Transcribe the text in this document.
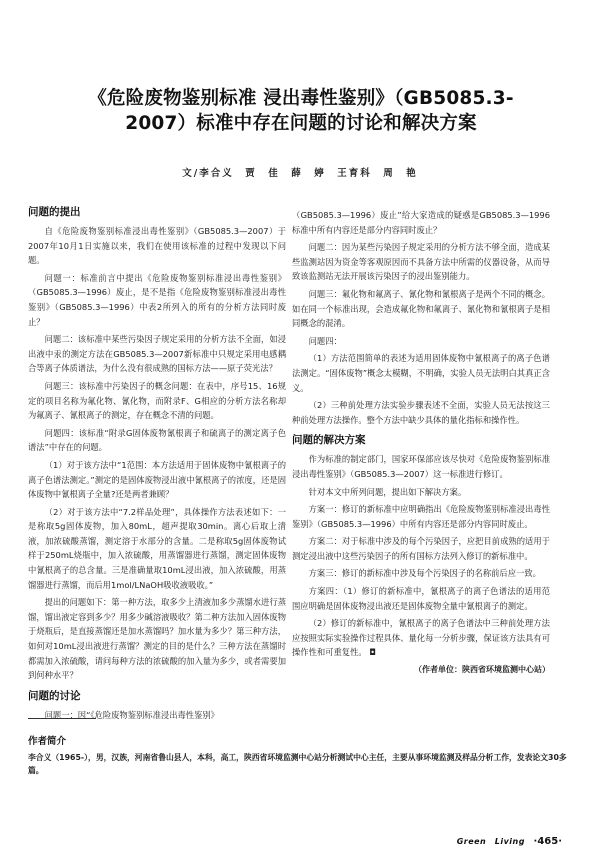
《危险废物鉴别标准 浸出毒性鉴别》（GB5085.3-
2007）标准中存在问题的讨论和解决方案
文/李合义　贾　佳　薛　婷　王育科　周　艳
问题的提出

自《危险废物鉴别标准浸出毒性鉴别》（GB5085.3—2007）于2007年10月1日实施以来，我们在使用该标准的过程中发现以下问题。

问题一：标准前言中提出《危险废物鉴别标准浸出毒性鉴别》（GB5085.3—1996）废止，是不是指《危险废物鉴别标准浸出毒性鉴别》（GB5085.3—1996）中表2所列入的所有的分析方法同时废止？

问题二：该标准中某些污染因子规定采用的分析方法不全面，如浸出液中汞的测定方法在GB5085.3—2007新标准中只规定采用电感耦合等离子体质谱法，为什么没有很成熟的国标方法——原子荧光法？

问题三：该标准中污染因子的概念问题：在表中，序号15、16规定的项目名称为氟化物、氰化物，而附录F、G相应的分析方法名称却为氟离子、氰根离子的测定，存在概念不清的问题。

问题四：该标准“附录G固体废物氰根离子和硫离子的测定离子色谱法”中存在的问题。

（1）对于该方法中“1范围：本方法适用于固体废物中氰根离子的离子色谱法测定。”测定的是固体废物浸出液中氰根离子的浓度，还是固体废物中氰根离子全量?还是两者兼顾？

（2）对于该方法中“7.2样品处理”，具体操作方法表述如下：一是称取5g固体废物，加入80mL，超声提取30min。离心后取上清液，加浓硫酸蒸馏，测定溶于水部分的含量。二是称取5g固体废物试样于250mL烧瓶中，加入浓硫酸，用蒸馏器进行蒸馏，测定固体废物中氰根离子的总含量。三是准确量取10mL浸出液，加入浓硫酸，用蒸馏器进行蒸馏，而后用1mol/LNaOH吸收液吸收。”

提出的问题如下：第一种方法，取多少上清液加多少蒸馏水进行蒸馏，馏出液定容到多少？用多少碱溶液吸收？第二种方法加入固体废物于烧瓶后，是直接蒸馏还是加水蒸馏吗？加水量为多少？第三种方法，如何对10mL浸出液进行蒸馏？测定的目的是什么？三种方法在蒸馏时都需加入浓硫酸，请问每种方法的浓硫酸的加入量为多少，或者需要加到何种水平？

问题的讨论

问题一：因“《危险废物鉴别标准浸出毒性鉴别》

（GB5085.3—1996）废止”给大家造成的疑惑是GB5085.3—1996标准中所有内容还是部分内容同时废止？

问题二：因为某些污染因子规定采用的分析方法不够全面，造成某些监测站因为资金等客观原因而不具备方法中所需的仪器设备，从而导致该监测站无法开展该污染因子的浸出鉴别能力。

问题三：氟化物和氟离子、氰化物和氰根离子是两个不同的概念。如在同一个标准出现，会造成氟化物和氟离子、氰化物和氰根离子是相同概念的混淆。

问题四：

（1）方法范围简单的表述为适用固体废物中氰根离子的离子色谱法测定。“固体废物”概念太模糊，不明确，实验人员无法明白其真正含义。

（2）三种前处理方法实验步骤表述不全面，实验人员无法按这三种前处理方法操作。整个方法中缺少具体的量化指标和操作性。

问题的解决方案

作为标准的制定部门，国家环保部应该尽快对《危险废物鉴别标准浸出毒性鉴别》（GB5085.3—2007）这一标准进行修订。

针对本文中所列问题，提出如下解决方案。

方案一：修订的新标准中应明确指出《危险废物鉴别标准浸出毒性鉴别》（GB5085.3—1996）中所有内容还是部分内容同时废止。

方案二：对于标准中涉及的每个污染因子，应把目前成熟的适用于测定浸出液中这些污染因子的所有国标方法列入修订的新标准中。

方案三：修订的新标准中涉及每个污染因子的名称前后应一致。

方案四：（1）修订的新标准中，氰根离子的离子色谱法的适用范围应明确是固体废物浸出液还是固体废物全量中氰根离子的测定。

（2）修订的新标准中，氰根离子的离子色谱法中三种前处理方法应按照实际实验操作过程具体、量化每一分析步骤，保证该方法具有可操作性和可重复性。 ◘

（作者单位：陕西省环境监测中心站）
作者简介
李合义（1965-），男，汉族，河南省鲁山县人，本科，高工，陕西省环境监测中心站分析测试中心主任，主要从事环境监测及样品分析工作，发表论文30多篇。
Green　Living ·465·
